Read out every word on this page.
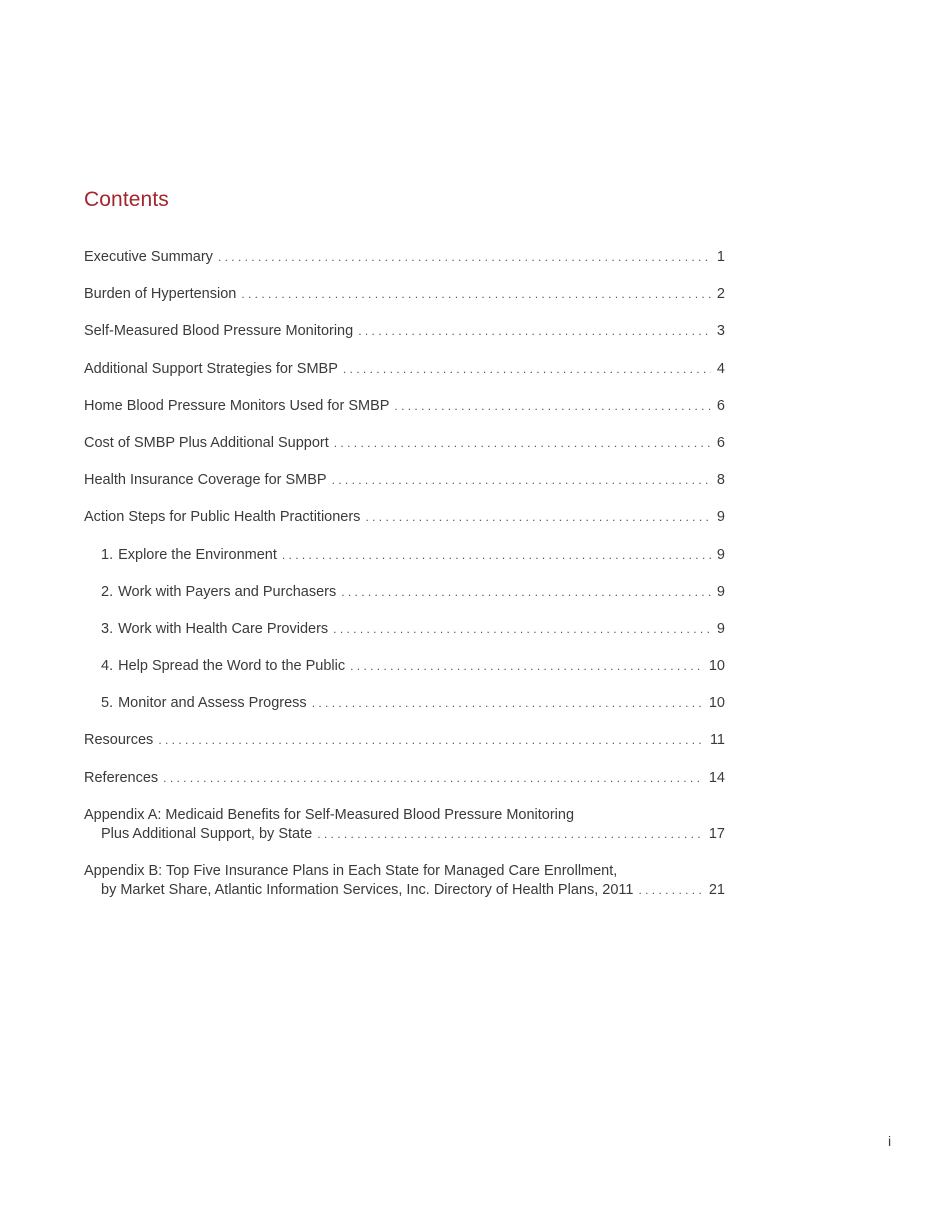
Contents
Executive Summary . . .	1
Burden of Hypertension . . .	2
Self-Measured Blood Pressure Monitoring . . .	3
Additional Support Strategies for SMBP . . .	4
Home Blood Pressure Monitors Used for SMBP . . .	6
Cost of SMBP Plus Additional Support . . .	6
Health Insurance Coverage for SMBP . . .	8
Action Steps for Public Health Practitioners . . .	9
1. Explore the Environment . . .	9
2. Work with Payers and Purchasers . . .	9
3. Work with Health Care Providers . . .	9
4. Help Spread the Word to the Public . . .	10
5. Monitor and Assess Progress . . .	10
Resources . . .	11
References . . .	14
Appendix A: Medicaid Benefits for Self-Measured Blood Pressure Monitoring
Plus Additional Support, by State . . .	17
Appendix B: Top Five Insurance Plans in Each State for Managed Care Enrollment,
by Market Share, Atlantic Information Services, Inc. Directory of Health Plans, 2011 . . .	21
i
